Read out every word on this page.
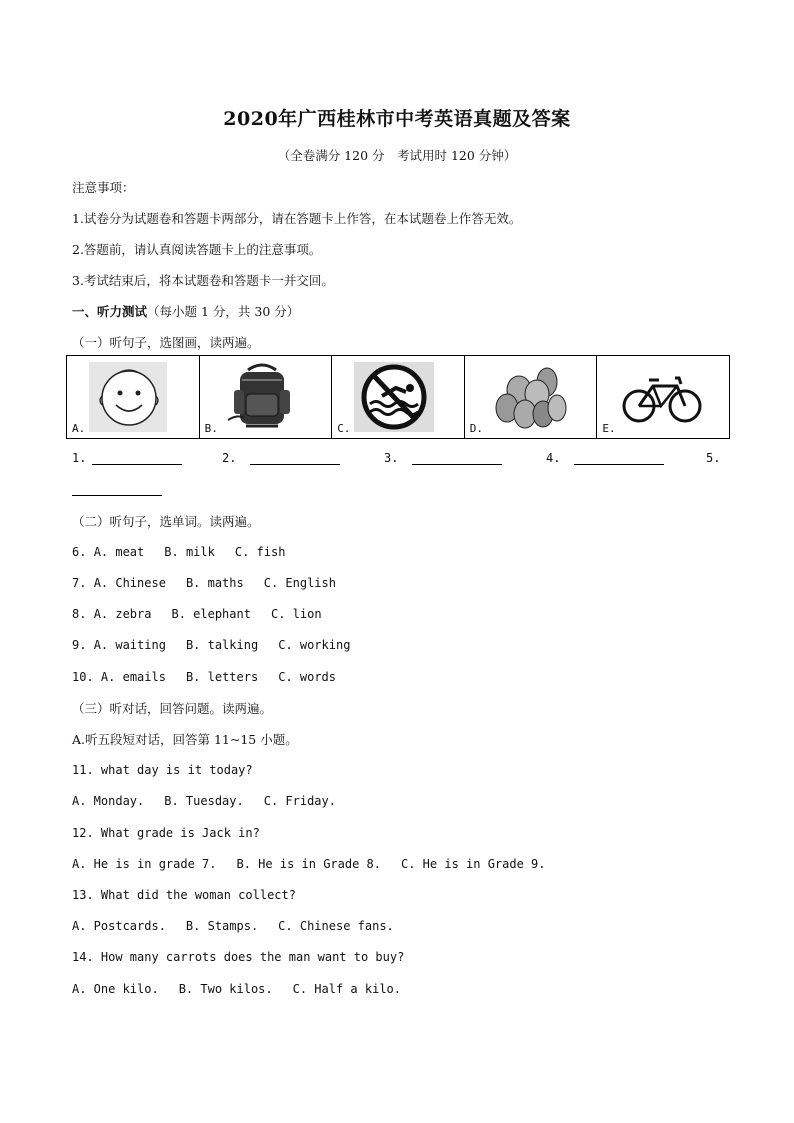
2020年广西桂林市中考英语真题及答案
（全卷满分 120 分　考试用时 120 分钟）
注意事项：
1.试卷分为试题卷和答题卡两部分，请在答题卡上作答，在本试题卷上作答无效。
2.答题前，请认真阅读答题卡上的注意事项。
3.考试结束后，将本试题卷和答题卡一并交回。
一、听力测试（每小题 1 分，共 30 分）
（一）听句子，选图画，读两遍。
A.	B.	C.	D.	E.
1.	2.	3.	4.	5.
（二）听句子，选单词。读两遍。
6. A. meat B. milk C. fish
7. A. Chinese B. maths C. English
8. A. zebra B. elephant C. lion
9. A. waiting B. talking C. working
10. A. emails B. letters C. words
（三）听对话，回答问题。读两遍。
A.听五段短对话，回答第 11~15 小题。
11. what day is it today?
A. Monday. B. Tuesday. C. Friday.
12. What grade is Jack in?
A. He is in grade 7. B. He is in Grade 8. C. He is in Grade 9.
13. What did the woman collect?
A. Postcards. B. Stamps. C. Chinese fans.
14. How many carrots does the man want to buy?
A. One kilo. B. Two kilos. C. Half a kilo.
